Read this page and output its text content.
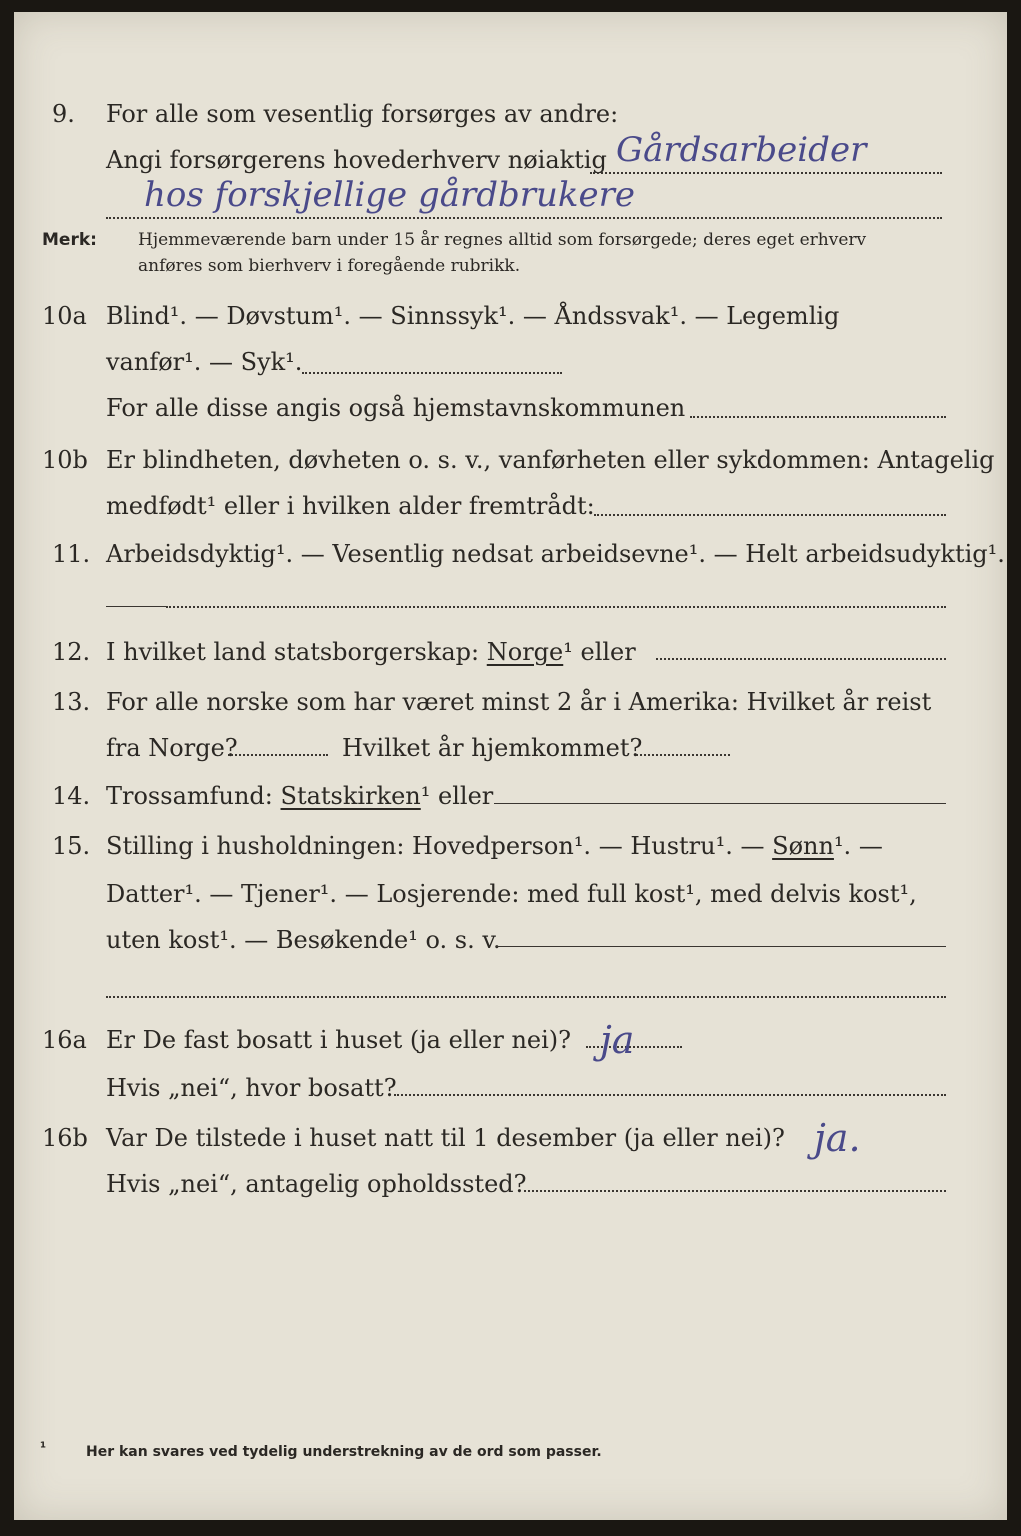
9. For alle som vesentlig forsørges av andre:
Angi forsørgerens hovederhverv nøiaktig Gårdsarbeider
hos forskjellige gårdbrukere
Merk: Hjemmeværende barn under 15 år regnes alltid som forsørgede; deres eget erhverv
anføres som bierhverv i foregående rubrikk.
10a Blind¹. — Døvstum¹. — Sinnssyk¹. — Åndssvak¹. — Legemlig
vanfør¹. — Syk¹.
For alle disse angis også hjemstavnskommunen
10b Er blindheten, døvheten o. s. v., vanførheten eller sykdommen: Antagelig
medfødt¹ eller i hvilken alder fremtrådt:
11. Arbeidsdyktig¹. — Vesentlig nedsat arbeidsevne¹. — Helt arbeidsudyktig¹.
12. I hvilket land statsborgerskap: Norge¹ eller
13. For alle norske som har været minst 2 år i Amerika: Hvilket år reist
fra Norge?	Hvilket år hjemkommet?
14. Trossamfund: Statskirken¹ eller
15. Stilling i husholdningen: Hovedperson¹. — Hustru¹. — Sønn¹. —
Datter¹. — Tjener¹. — Losjerende: med full kost¹, med delvis kost¹,
uten kost¹. — Besøkende¹ o. s. v.
16a Er De fast bosatt i huset (ja eller nei)? ja
Hvis „nei“, hvor bosatt?
16b Var De tilstede i huset natt til 1 desember (ja eller nei)? ja.
Hvis „nei“, antagelig opholdssted?
¹	Her kan svares ved tydelig understrekning av de ord som passer.
